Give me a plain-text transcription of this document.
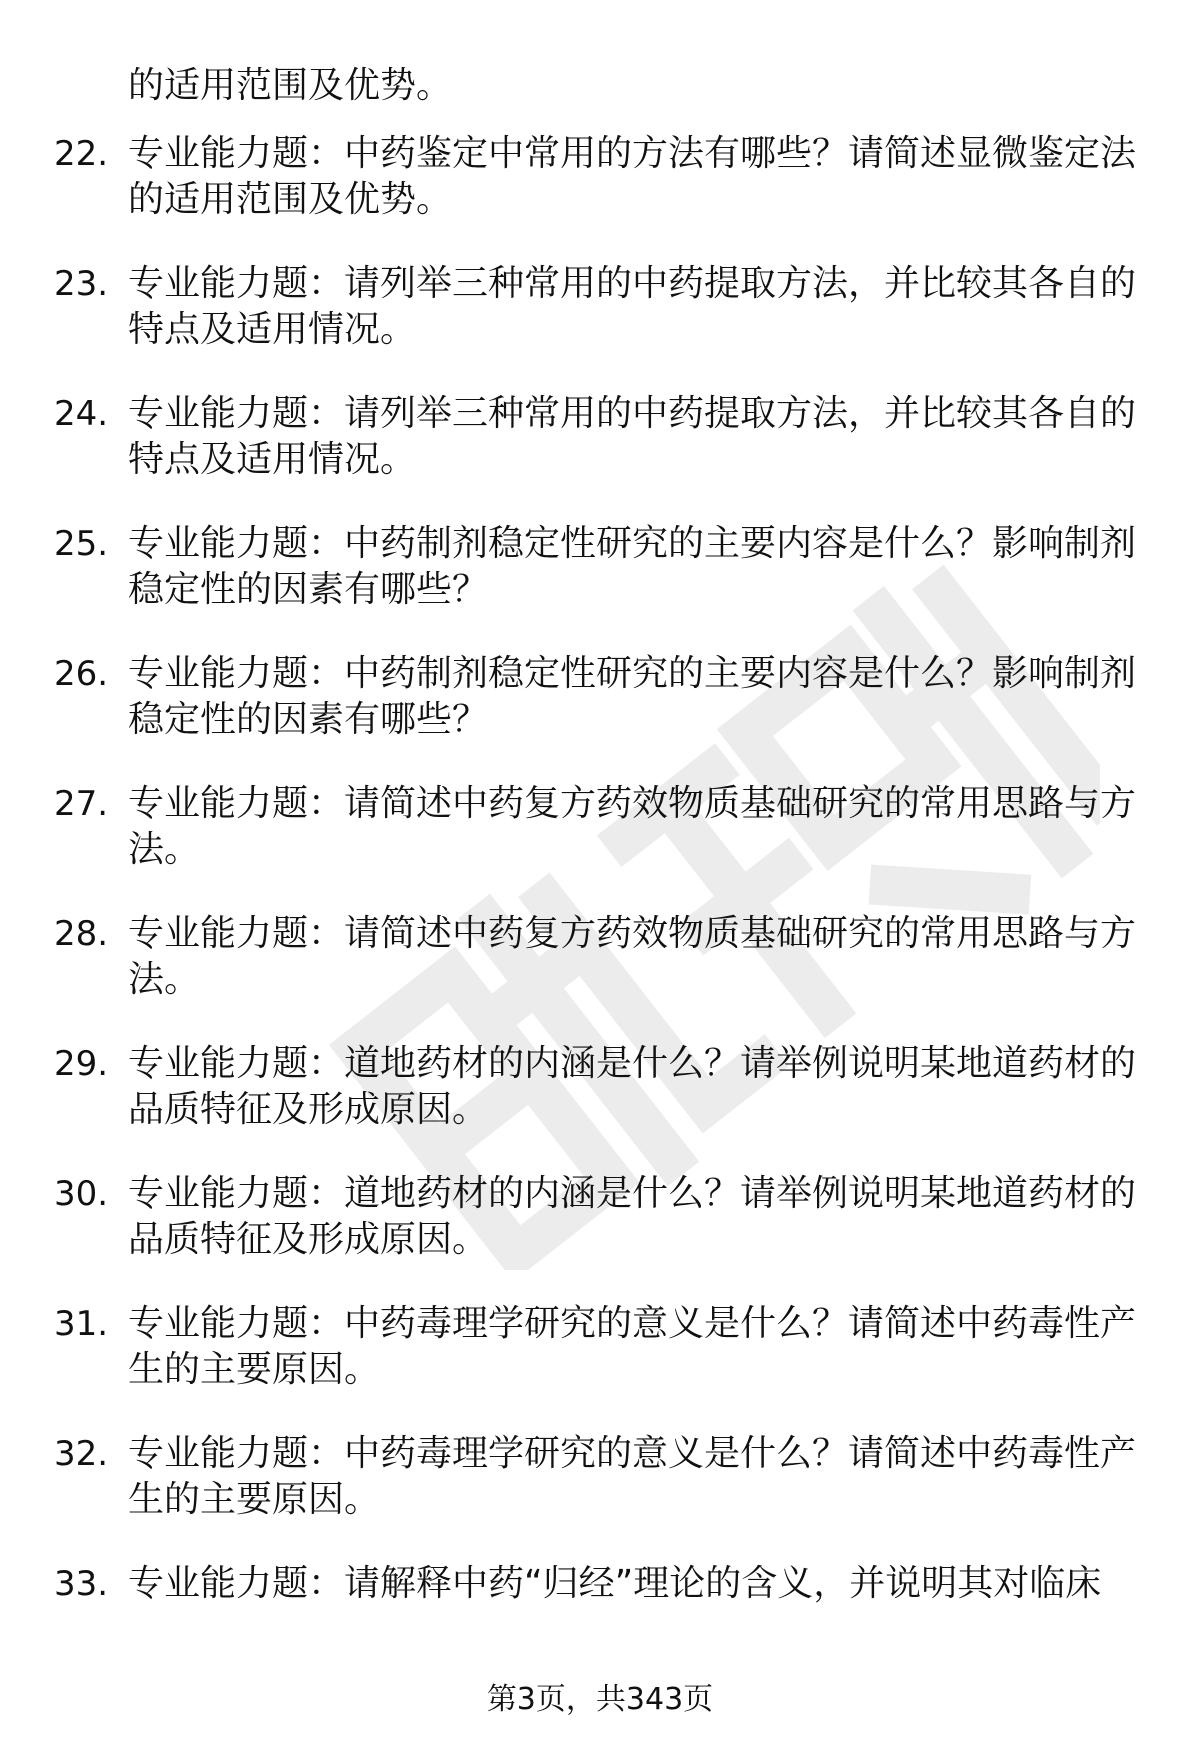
的适用范围及优势。
22. 专业能力题：中药鉴定中常用的方法有哪些？请简述显微鉴定法
的适用范围及优势。
23. 专业能力题：请列举三种常用的中药提取方法，并比较其各自的
特点及适用情况。
24. 专业能力题：请列举三种常用的中药提取方法，并比较其各自的
特点及适用情况。
25. 专业能力题：中药制剂稳定性研究的主要内容是什么？影响制剂
稳定性的因素有哪些？
26. 专业能力题：中药制剂稳定性研究的主要内容是什么？影响制剂
稳定性的因素有哪些？
27. 专业能力题：请简述中药复方药效物质基础研究的常用思路与方
法。
28. 专业能力题：请简述中药复方药效物质基础研究的常用思路与方
法。
29. 专业能力题：道地药材的内涵是什么？请举例说明某地道药材的
品质特征及形成原因。
30. 专业能力题：道地药材的内涵是什么？请举例说明某地道药材的
品质特征及形成原因。
31. 专业能力题：中药毒理学研究的意义是什么？请简述中药毒性产
生的主要原因。
32. 专业能力题：中药毒理学研究的意义是什么？请简述中药毒性产
生的主要原因。
33. 专业能力题：请解释中药“归经”理论的含义，并说明其对临床
第3页，共343页
